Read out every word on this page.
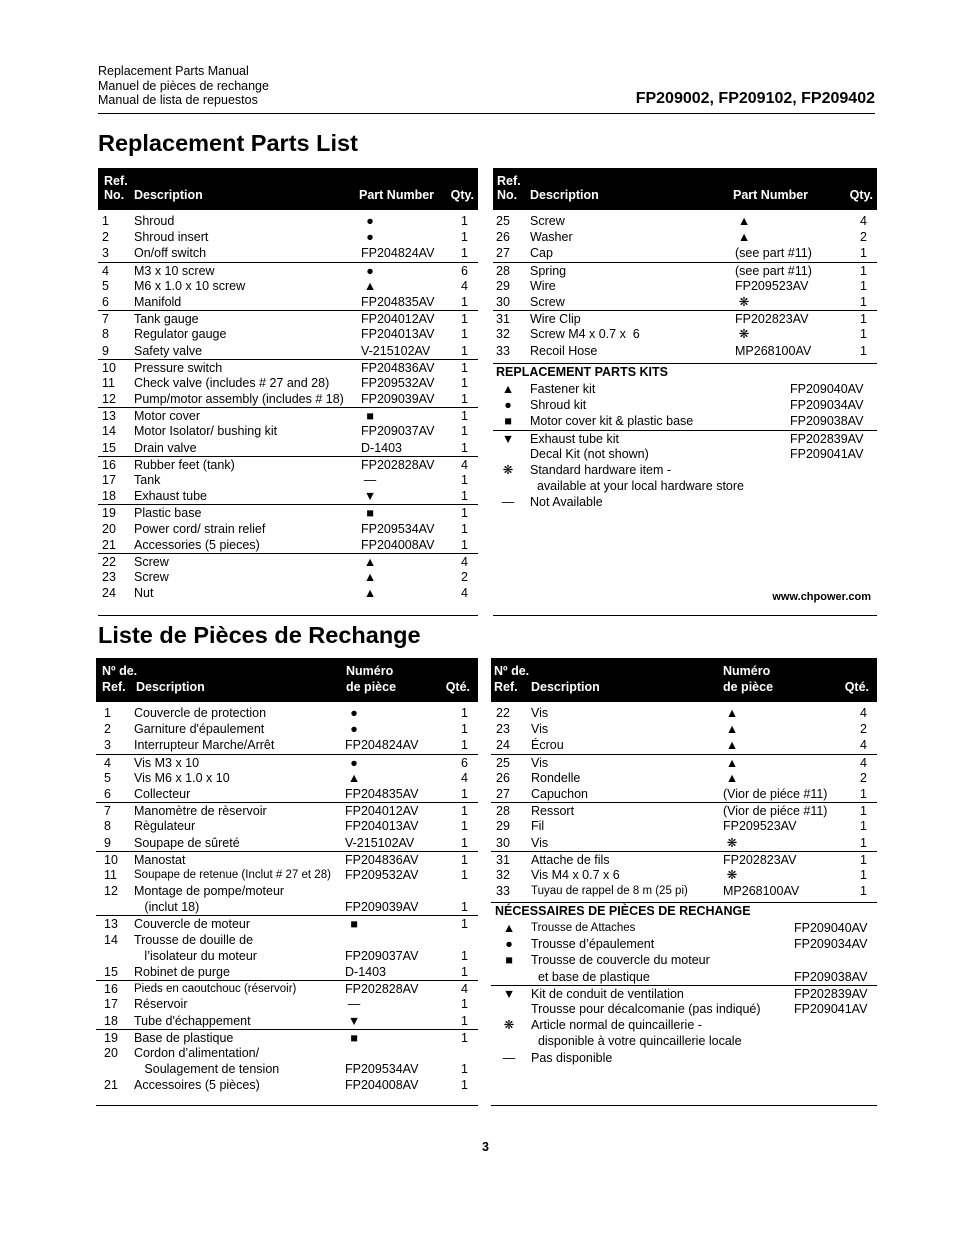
Replacement Parts Manual
Manuel de pièces de rechange
Manual de lista de repuestos	FP209002, FP209102, FP209402
Replacement Parts List
Ref.
No. Description	Part Number Qty.
1 Shroud	●	1
2 Shroud insert	●	1
3 On/off switch	FP204824AV 1
4 M3 x 10 screw	●	6
5 M6 x 1.0 x 10 screw	▲	4
6 Manifold	FP204835AV 1
7 Tank gauge	FP204012AV 1
8 Regulator gauge	FP204013AV 1
9 Safety valve	V-215102AV 1
10 Pressure switch	FP204836AV 1
11 Check valve (includes # 27 and 28)	FP209532AV 1
12 Pump/motor assembly (includes # 18) FP209039AV 1
13 Motor cover	■	1
14 Motor Isolator/ bushing kit	FP209037AV 1
15 Drain valve	D-1403	1
16 Rubber feet (tank)	FP202828AV 4
17 Tank	—	1
18 Exhaust tube	▼	1
19 Plastic base	■	1
20 Power cord/ strain relief	FP209534AV 1
21 Accessories (5 pieces)	FP204008AV 1
22 Screw	▲	4
23 Screw	▲	2
24 Nut	▲	4
Ref.
No. Description	Part Number	Qty.
25 Screw	▲	4
26 Washer	▲	2
27 Cap	(see part #11)	1
28 Spring	(see part #11)	1
29 Wire	FP209523AV	1
30 Screw	❋	1
31 Wire Clip	FP202823AV	1
32 Screw M4 x 0.7 x  6	❋	1
33 Recoil Hose	MP268100AV	1
REPLACEMENT PARTS KITS
▲ Fastener kit	FP209040AV
● Shroud kit	FP209034AV
■ Motor cover kit & plastic base	FP209038AV
▼ Exhaust tube kit	FP202839AV
Decal Kit (not shown)	FP209041AV
❋ Standard hardware item -
available at your local hardware store
— Not Available
www.chpower.com
Liste de Pièces de Rechange
Nº de.
Ref. Description
Numéro
de pièce	Qté.
1 Couvercle de protection	●	1
2 Garniture d'épaulement	●	1
3 Interrupteur Marche/Arrêt	FP204824AV	1
4 Vis M3 x 10	●	6
5 Vis M6 x 1.0 x 10	▲	4
6 Collecteur	FP204835AV	1
7 Manomètre de rèservoir	FP204012AV	1
8 Règulateur	FP204013AV	1
9 Soupape de sûreté	V-215102AV	1
10 Manostat	FP204836AV	1
11 Soupape de retenue (Inclut # 27 et 28) FP209532AV	1
12 Montage de pompe/moteur
(inclut 18)	FP209039AV	1
13 Couvercle de moteur	■	1
14 Trousse de douille de
l’isolateur du moteur	FP209037AV	1
15 Robinet de purge	D-1403	1
16 Pieds en caoutchouc (réservoir)	FP202828AV	4
17 Réservoir	—	1
18 Tube d'échappement	▼	1
19 Base de plastique	■	1
20 Cordon d’alimentation/
Soulagement de tension	FP209534AV	1
21 Accessoires (5 pièces)	FP204008AV	1
Nº de.
Ref. Description
Numéro
de pièce	Qté.
22 Vis	▲	4
23 Vis	▲	2
24 Écrou	▲	4
25 Vis	▲	4
26 Rondelle	▲	2
27 Capuchon	(Vior de piéce #11)	1
28 Ressort	(Vior de piéce #11)	1
29 Fil	FP209523AV	1
30 Vis	❋	1
31 Attache de fils	FP202823AV	1
32 Vis M4 x 0.7 x 6	❋	1
33 Tuyau de rappel de 8 m (25 pi)	MP268100AV	1
NÉCESSAIRES DE PIÈCES DE RECHANGE
▲ Trousse de Attaches	FP209040AV
● Trousse d’épaulement	FP209034AV
■ Trousse de couvercle du moteur
et base de plastique	FP209038AV
▼ Kit de conduit de ventilation	FP202839AV
Trousse pour décalcomanie (pas indiqué)	FP209041AV
❋ Article normal de quincaillerie -
disponible à votre quincaillerie locale
— Pas disponible
3
